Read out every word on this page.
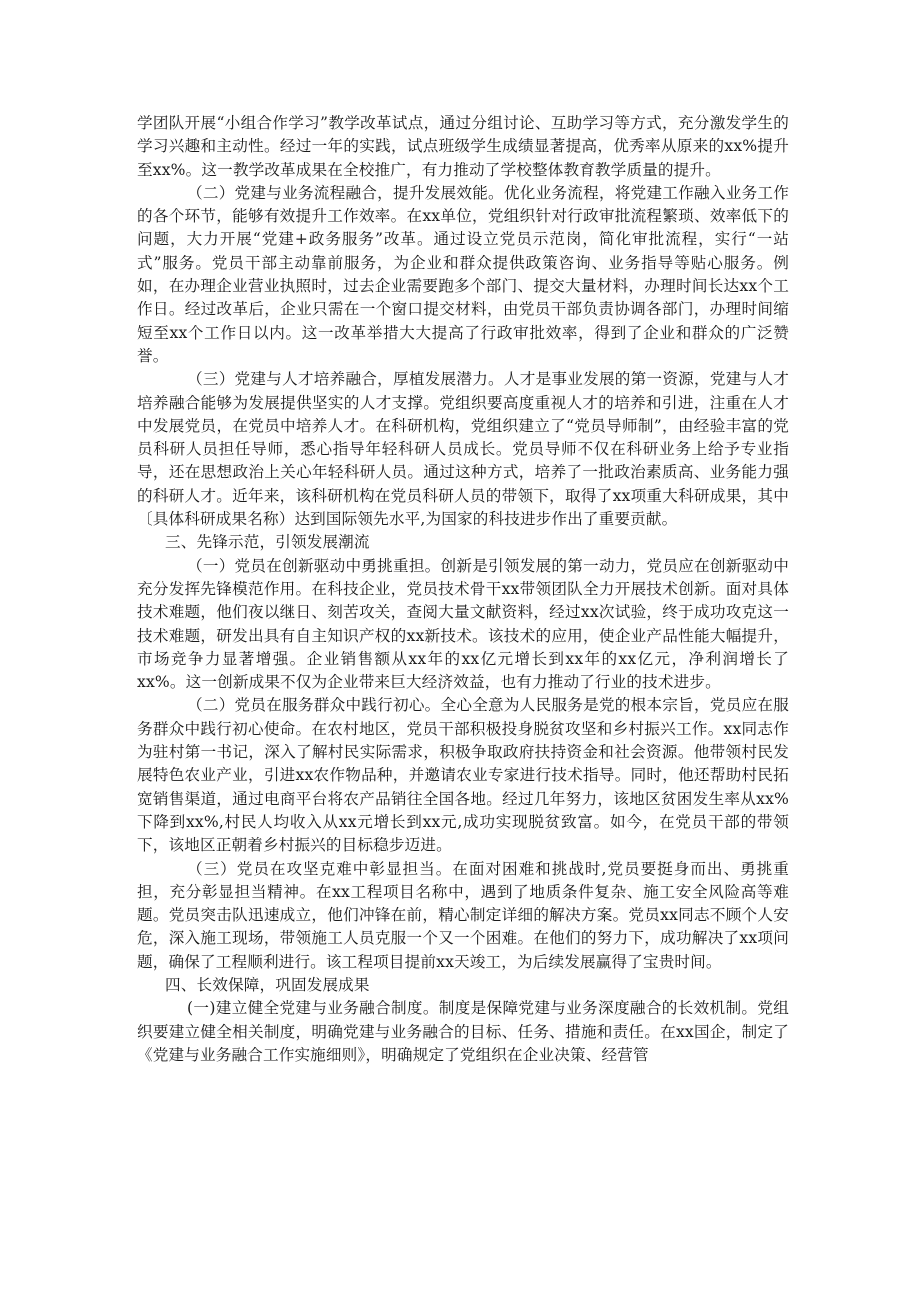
学团队开展“小组合作学习”教学改革试点，通过分组讨论、互助学习等方式，充分激发学生的学习兴趣和主动性。经过一年的实践，试点班级学生成绩显著提高，优秀率从原来的xx%提升至xx%。这一教学改革成果在全校推广，有力推动了学校整体教育教学质量的提升。

（二）党建与业务流程融合，提升发展效能。优化业务流程，将党建工作融入业务工作的各个环节，能够有效提升工作效率。在xx单位，党组织针对行政审批流程繁琐、效率低下的问题，大力开展“党建+政务服务”改革。通过设立党员示范岗，简化审批流程，实行“一站式”服务。党员干部主动靠前服务，为企业和群众提供政策咨询、业务指导等贴心服务。例如，在办理企业营业执照时，过去企业需要跑多个部门、提交大量材料，办理时间长达xx个工作日。经过改革后，企业只需在一个窗口提交材料，由党员干部负责协调各部门，办理时间缩短至xx个工作日以内。这一改革举措大大提高了行政审批效率，得到了企业和群众的广泛赞誉。

（三）党建与人才培养融合，厚植发展潜力。人才是事业发展的第一资源，党建与人才培养融合能够为发展提供坚实的人才支撑。党组织要高度重视人才的培养和引进，注重在人才中发展党员，在党员中培养人才。在科研机构，党组织建立了“党员导师制”，由经验丰富的党员科研人员担任导师，悉心指导年轻科研人员成长。党员导师不仅在科研业务上给予专业指导，还在思想政治上关心年轻科研人员。通过这种方式，培养了一批政治素质高、业务能力强的科研人才。近年来，该科研机构在党员科研人员的带领下，取得了xx项重大科研成果，其中〔具体科研成果名称）达到国际领先水平,为国家的科技进步作出了重要贡献。

三、先锋示范，引领发展潮流

（一）党员在创新驱动中勇挑重担。创新是引领发展的第一动力，党员应在创新驱动中充分发挥先锋模范作用。在科技企业，党员技术骨干xx带领团队全力开展技术创新。面对具体技术难题，他们夜以继日、刻苦攻关，查阅大量文献资料，经过xx次试验，终于成功攻克这一技术难题，研发出具有自主知识产权的xx新技术。该技术的应用，使企业产品性能大幅提升，市场竞争力显著增强。企业销售额从xx年的xx亿元增长到xx年的xx亿元，净利润增长了xx%。这一创新成果不仅为企业带来巨大经济效益，也有力推动了行业的技术进步。

（二）党员在服务群众中践行初心。全心全意为人民服务是党的根本宗旨，党员应在服务群众中践行初心使命。在农村地区，党员干部积极投身脱贫攻坚和乡村振兴工作。xx同志作为驻村第一书记，深入了解村民实际需求，积极争取政府扶持资金和社会资源。他带领村民发展特色农业产业，引进xx农作物品种，并邀请农业专家进行技术指导。同时，他还帮助村民拓宽销售渠道，通过电商平台将农产品销往全国各地。经过几年努力，该地区贫困发生率从xx%下降到xx%,村民人均收入从xx元增长到xx元,成功实现脱贫致富。如今，在党员干部的带领下，该地区正朝着乡村振兴的目标稳步迈进。

（三）党员在攻坚克难中彰显担当。在面对困难和挑战时,党员要挺身而出、勇挑重担，充分彰显担当精神。在xx工程项目名称中，遇到了地质条件复杂、施工安全风险高等难题。党员突击队迅速成立，他们冲锋在前，精心制定详细的解决方案。党员xx同志不顾个人安危，深入施工现场，带领施工人员克服一个又一个困难。在他们的努力下，成功解决了xx项问题，确保了工程顺利进行。该工程项目提前xx天竣工，为后续发展赢得了宝贵时间。

四、长效保障，巩固发展成果

(一)建立健全党建与业务融合制度。制度是保障党建与业务深度融合的长效机制。党组织要建立健全相关制度，明确党建与业务融合的目标、任务、措施和责任。在xx国企，制定了《党建与业务融合工作实施细则》，明确规定了党组织在企业决策、经营管
